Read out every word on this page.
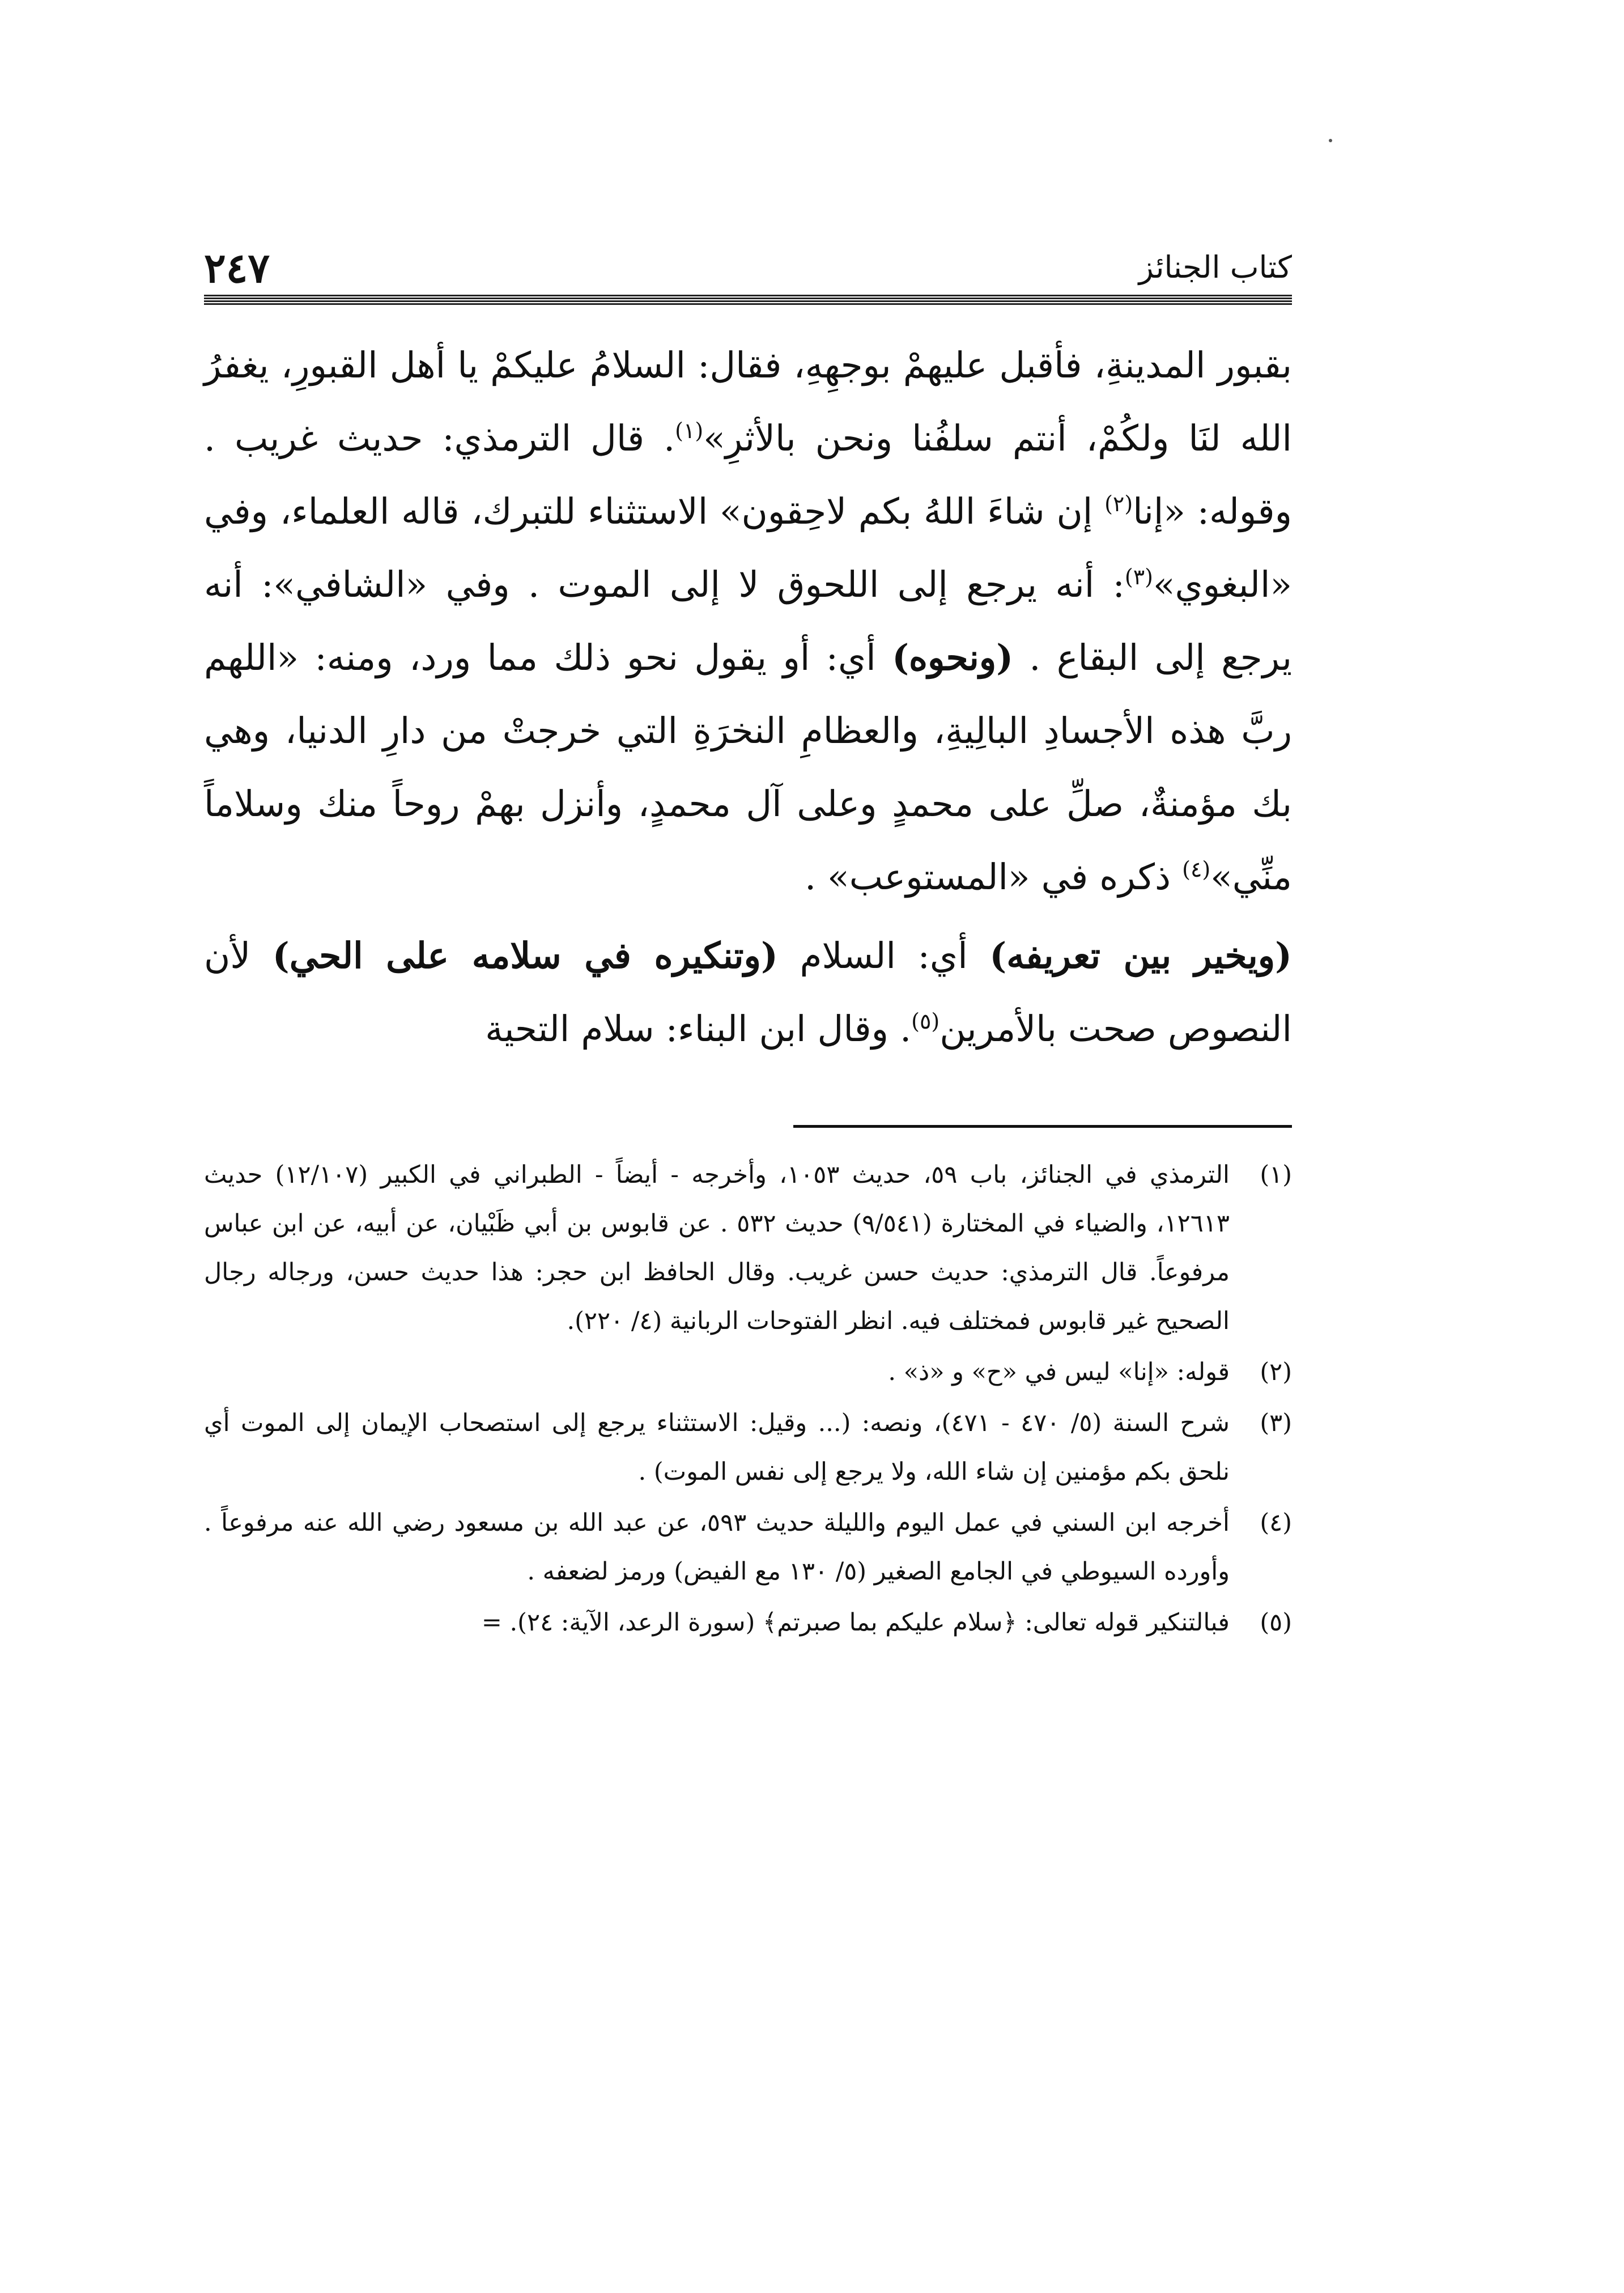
كتاب الجنائز
٢٤٧

بقبور المدينةِ، فأقبل عليهمْ بوجهِهِ، فقال: السلامُ عليكمْ يا أهل القبورِ، يغفرُ الله لنَا ولكُمْ، أنتم سلفُنا ونحن بالأثرِ»$^{(١)}$. قال الترمذي: حديث غريب . وقوله: «إنا$^{(٢)}$ إن شاءَ اللهُ بكم لاحِقون» الاستثناء للتبرك، قاله العلماء، وفي «البغوي»$^{(٣)}$: أنه يرجع إلى اللحوق لا إلى الموت . وفي «الشافي»: أنه يرجع إلى البقاع . (ونحوه) أي: أو يقول نحو ذلك مما ورد، ومنه: «اللهم ربَّ هذه الأجسادِ البالِيةِ، والعظامِ النخرَةِ التي خرجتْ من دارِ الدنيا، وهي بك مؤمنةٌ، صلِّ على محمدٍ وعلى آل محمدٍ، وأنزل بهمْ روحاً منك وسلاماً منِّي»$^{(٤)}$ ذكره في «المستوعب» .

(ويخير بين تعريفه) أي: السلام (وتنكيره في سلامه على الحي) لأن النصوص صحت بالأمرين$^{(٥)}$. وقال ابن البناء: سلام التحية

(١)
الترمذي في الجنائز، باب ٥٩، حديث ١٠٥٣، وأخرجه - أيضاً - الطبراني في الكبير (١٢/١٠٧) حديث ١٢٦١٣، والضياء في المختارة (٩/٥٤١) حديث ٥٣٢ . عن قابوس بن أبي ظَبْيان، عن أبيه، عن ابن عباس مرفوعاً. قال الترمذي: حديث حسن غريب. وقال الحافظ ابن حجر: هذا حديث حسن، ورجاله رجال الصحيح غير قابوس فمختلف فيه. انظر الفتوحات الربانية (٤/ ٢٢٠).
(٢)
قوله: «إنا» ليس في «ح» و «ذ» .
(٣)
شرح السنة (٥/ ٤٧٠ - ٤٧١)، ونصه: (... وقيل: الاستثناء يرجع إلى استصحاب الإيمان إلى الموت أي نلحق بكم مؤمنين إن شاء الله، ولا يرجع إلى نفس الموت) .
(٤)
أخرجه ابن السني في عمل اليوم والليلة حديث ٥٩٣، عن عبد الله بن مسعود رضي الله عنه مرفوعاً . وأورده السيوطي في الجامع الصغير (٥/ ١٣٠ مع الفيض) ورمز لضعفه .
(٥)
فبالتنكير قوله تعالى: ﴿سلام عليكم بما صبرتم﴾ (سورة الرعد، الآية: ٢٤). =
